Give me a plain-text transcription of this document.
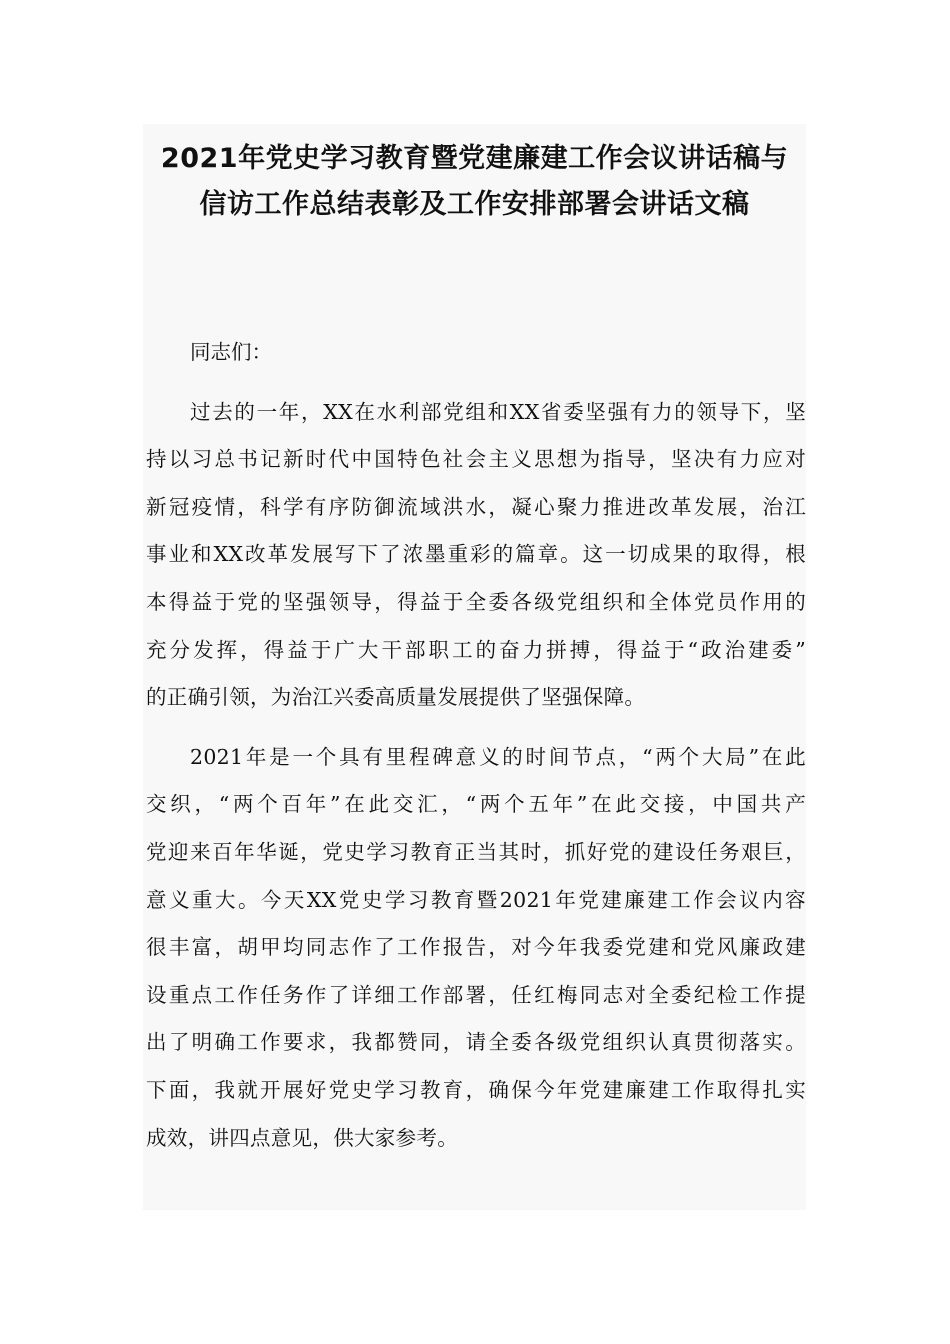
2021年党史学习教育暨党建廉建工作会议讲话稿与
信访工作总结表彰及工作安排部署会讲话文稿
同志们：
过去的一年，XX在水利部党组和XX省委坚强有力的领导下，坚
持以习总书记新时代中国特色社会主义思想为指导，坚决有力应对
新冠疫情，科学有序防御流域洪水，凝心聚力推进改革发展，治江
事业和XX改革发展写下了浓墨重彩的篇章。这一切成果的取得，根
本得益于党的坚强领导，得益于全委各级党组织和全体党员作用的
充分发挥，得益于广大干部职工的奋力拼搏，得益于“政治建委”
的正确引领，为治江兴委高质量发展提供了坚强保障。
2021年是一个具有里程碑意义的时间节点，“两个大局”在此
交织，“两个百年”在此交汇，“两个五年”在此交接，中国共产
党迎来百年华诞，党史学习教育正当其时，抓好党的建设任务艰巨，
意义重大。今天XX党史学习教育暨2021年党建廉建工作会议内容
很丰富，胡甲均同志作了工作报告，对今年我委党建和党风廉政建
设重点工作任务作了详细工作部署，任红梅同志对全委纪检工作提
出了明确工作要求，我都赞同，请全委各级党组织认真贯彻落实。
下面，我就开展好党史学习教育，确保今年党建廉建工作取得扎实
成效，讲四点意见，供大家参考。
